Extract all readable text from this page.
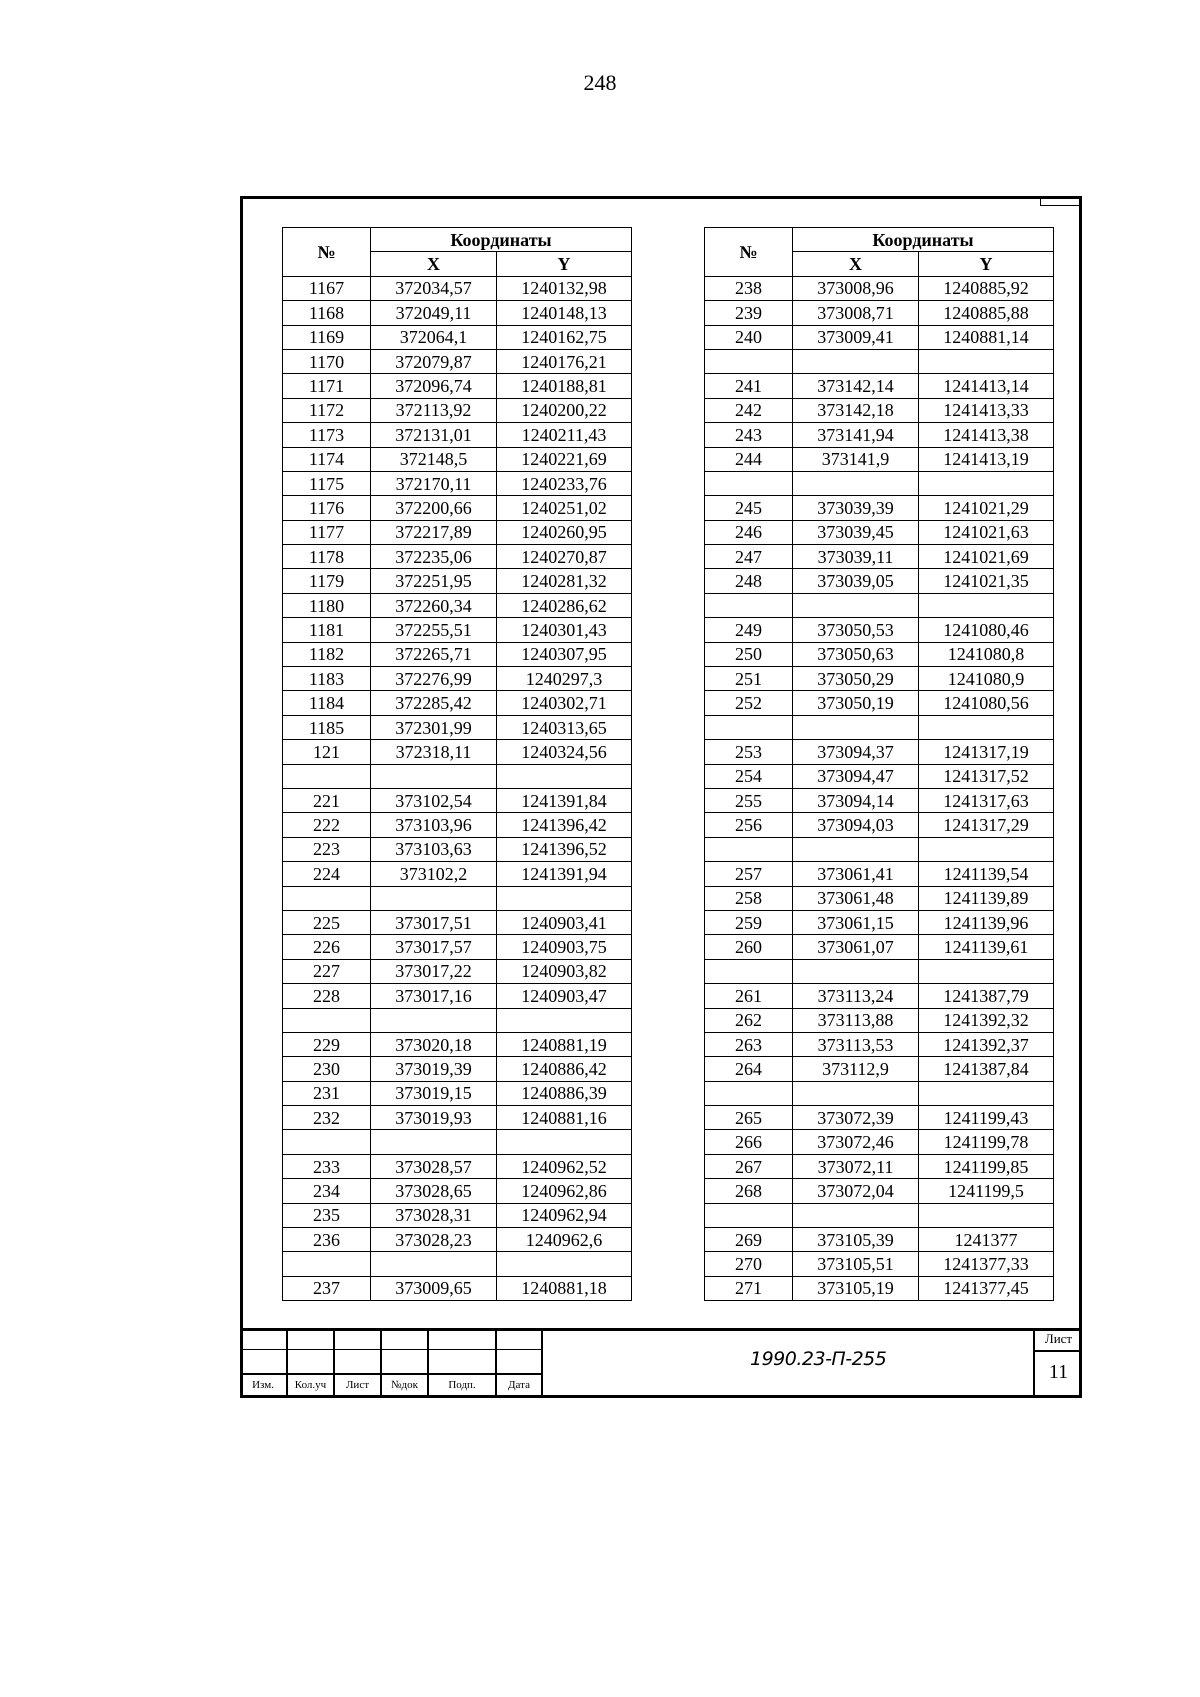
248
№	Координаты	
	X	Y
1167	372034,57	1240132,98
1168	372049,11	1240148,13
1169	372064,1	1240162,75
1170	372079,87	1240176,21
1171	372096,74	1240188,81
1172	372113,92	1240200,22
1173	372131,01	1240211,43
1174	372148,5	1240221,69
1175	372170,11	1240233,76
1176	372200,66	1240251,02
1177	372217,89	1240260,95
1178	372235,06	1240270,87
1179	372251,95	1240281,32
1180	372260,34	1240286,62
1181	372255,51	1240301,43
1182	372265,71	1240307,95
1183	372276,99	1240297,3
1184	372285,42	1240302,71
1185	372301,99	1240313,65
121	372318,11	1240324,56

221	373102,54	1241391,84
222	373103,96	1241396,42
223	373103,63	1241396,52
224	373102,2	1241391,94

225	373017,51	1240903,41
226	373017,57	1240903,75
227	373017,22	1240903,82
228	373017,16	1240903,47

229	373020,18	1240881,19
230	373019,39	1240886,42
231	373019,15	1240886,39
232	373019,93	1240881,16

233	373028,57	1240962,52
234	373028,65	1240962,86
235	373028,31	1240962,94
236	373028,23	1240962,6

237	373009,65	1240881,18
№	Координаты	
	X	Y
238	373008,96	1240885,92
239	373008,71	1240885,88
240	373009,41	1240881,14

241	373142,14	1241413,14
242	373142,18	1241413,33
243	373141,94	1241413,38
244	373141,9	1241413,19

245	373039,39	1241021,29
246	373039,45	1241021,63
247	373039,11	1241021,69
248	373039,05	1241021,35

249	373050,53	1241080,46
250	373050,63	1241080,8
251	373050,29	1241080,9
252	373050,19	1241080,56

253	373094,37	1241317,19
254	373094,47	1241317,52
255	373094,14	1241317,63
256	373094,03	1241317,29

257	373061,41	1241139,54
258	373061,48	1241139,89
259	373061,15	1241139,96
260	373061,07	1241139,61

261	373113,24	1241387,79
262	373113,88	1241392,32
263	373113,53	1241392,37
264	373112,9	1241387,84

265	373072,39	1241199,43
266	373072,46	1241199,78
267	373072,11	1241199,85
268	373072,04	1241199,5

269	373105,39	1241377
270	373105,51	1241377,33
271	373105,19	1241377,45
Изм.	Кол.уч	Лист	№док	Подп.	Дата
1990.23-П-255
Лист
11
